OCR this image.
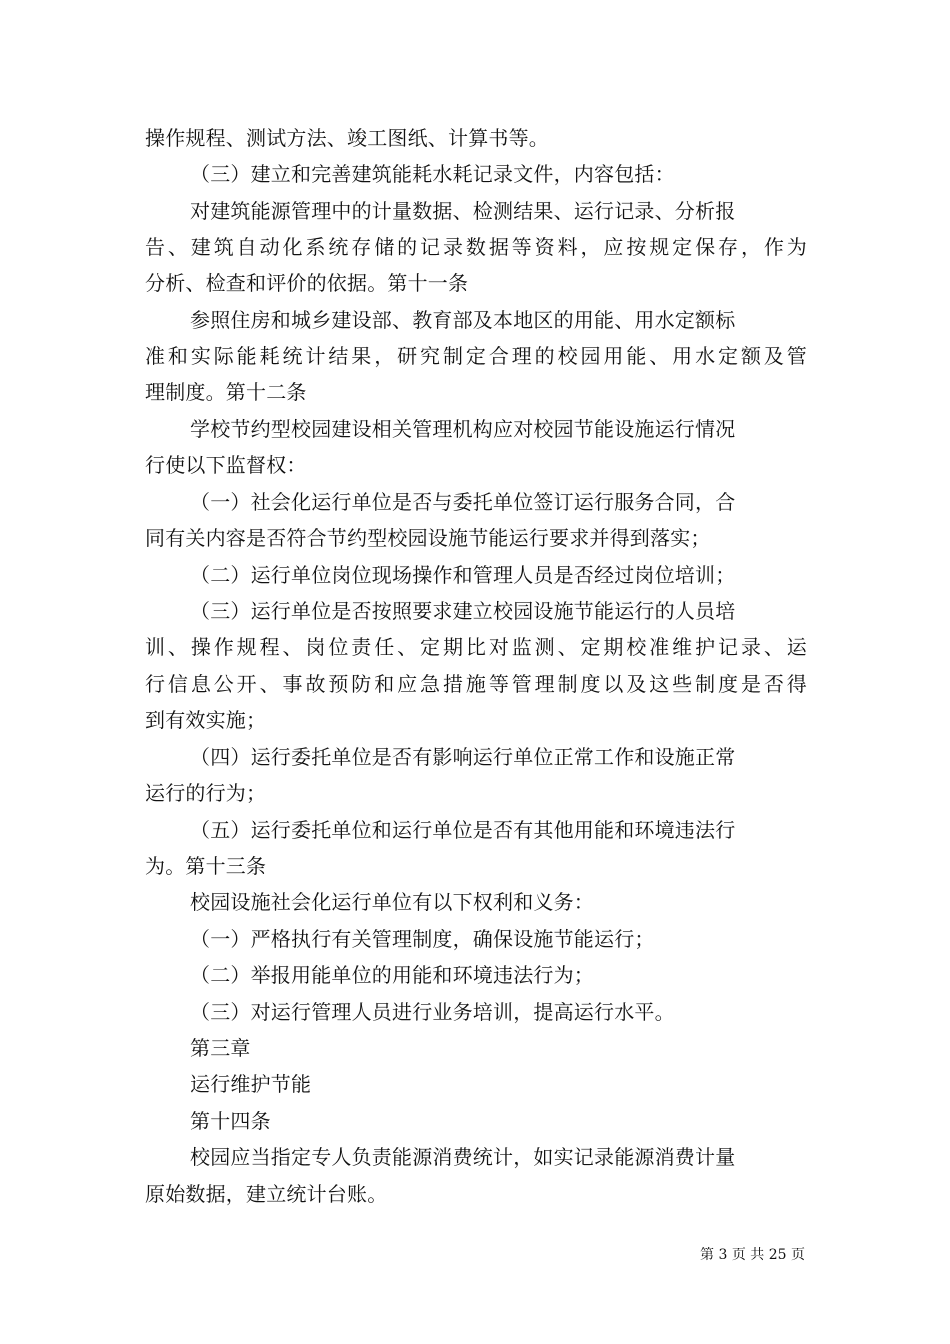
操作规程、测试方法、竣工图纸、计算书等。
（三）建立和完善建筑能耗水耗记录文件，内容包括：
对建筑能源管理中的计量数据、检测结果、运行记录、分析报
告、建筑自动化系统存储的记录数据等资料，应按规定保存，作为
分析、检查和评价的依据。第十一条
参照住房和城乡建设部、教育部及本地区的用能、用水定额标
准和实际能耗统计结果，研究制定合理的校园用能、用水定额及管
理制度。第十二条
学校节约型校园建设相关管理机构应对校园节能设施运行情况
行使以下监督权：
（一）社会化运行单位是否与委托单位签订运行服务合同，合
同有关内容是否符合节约型校园设施节能运行要求并得到落实；
（二）运行单位岗位现场操作和管理人员是否经过岗位培训；
（三）运行单位是否按照要求建立校园设施节能运行的人员培
训、操作规程、岗位责任、定期比对监测、定期校准维护记录、运
行信息公开、事故预防和应急措施等管理制度以及这些制度是否得
到有效实施；
（四）运行委托单位是否有影响运行单位正常工作和设施正常
运行的行为；
（五）运行委托单位和运行单位是否有其他用能和环境违法行
为。第十三条
校园设施社会化运行单位有以下权利和义务：
（一）严格执行有关管理制度，确保设施节能运行；
（二）举报用能单位的用能和环境违法行为；
（三）对运行管理人员进行业务培训，提高运行水平。
第三章
运行维护节能
第十四条
校园应当指定专人负责能源消费统计，如实记录能源消费计量
原始数据，建立统计台账。
第 3 页 共 25 页
